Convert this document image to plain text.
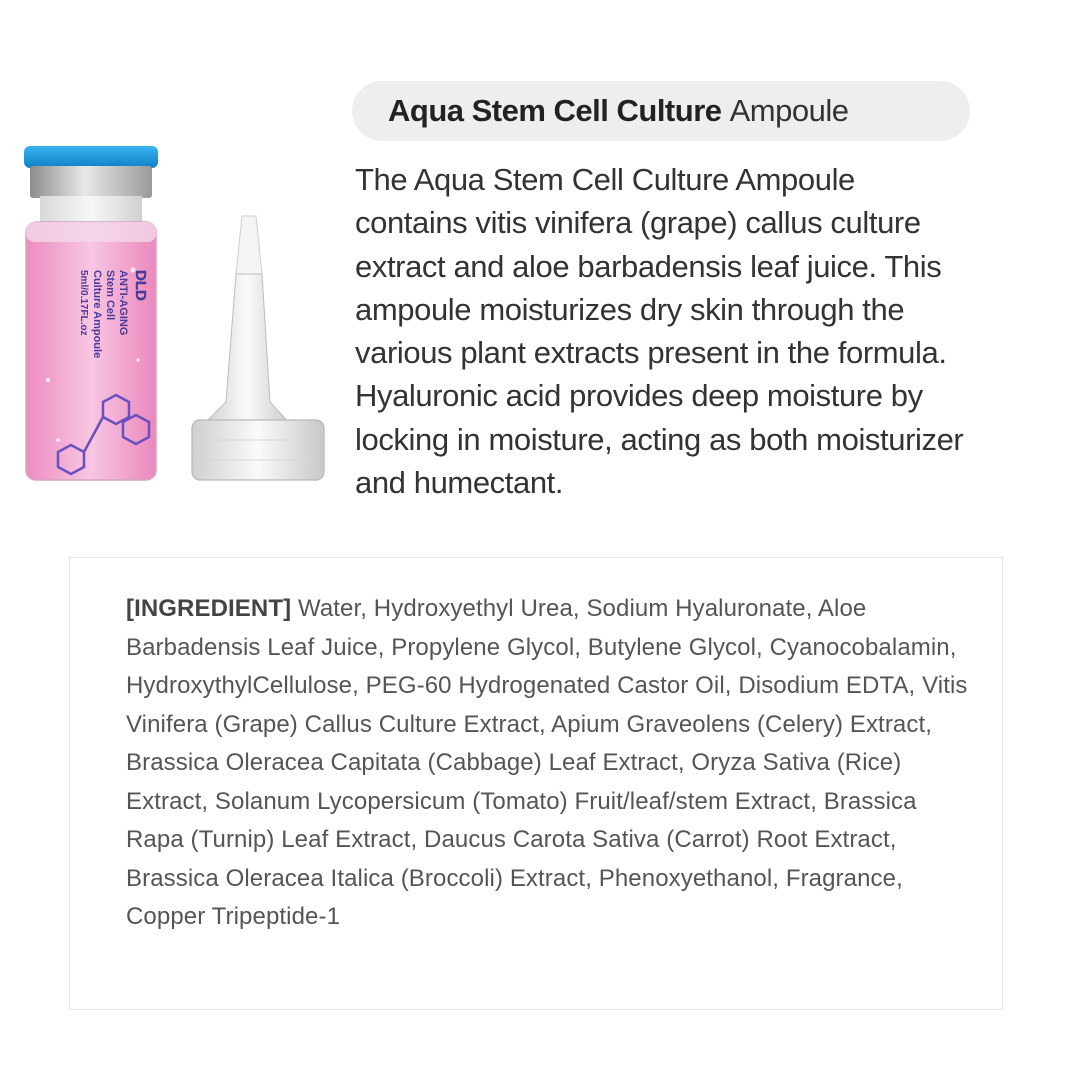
DLD
ANTI-AGING
Stem Cell
Culture Ampoule
5ml/0.17FL.oz
Aqua Stem Cell Culture
Ampoule

The Aqua Stem Cell Culture Ampoule contains vitis vinifera (grape) callus culture extract and aloe barbadensis leaf juice. This ampoule moisturizes dry skin through the various plant extracts present in the formula. Hyaluronic acid provides deep moisture by locking in moisture, acting as both moisturizer and humectant.

[INGREDIENT] Water, Hydroxyethyl Urea, Sodium Hyaluronate, Aloe Barbadensis Leaf Juice, Propylene Glycol, Butylene Glycol, Cyanocobalamin, HydroxythylCellulose, PEG-60 Hydrogenated Castor Oil, Disodium EDTA, Vitis Vinifera (Grape) Callus Culture Extract, Apium Graveolens (Celery) Extract, Brassica Oleracea Capitata (Cabbage) Leaf Extract, Oryza Sativa (Rice) Extract, Solanum Lycopersicum (Tomato) Fruit/leaf/stem Extract, Brassica Rapa (Turnip) Leaf Extract, Daucus Carota Sativa (Carrot) Root Extract, Brassica Oleracea Italica (Broccoli) Extract, Phenoxyethanol, Fragrance, Copper Tripeptide-1
